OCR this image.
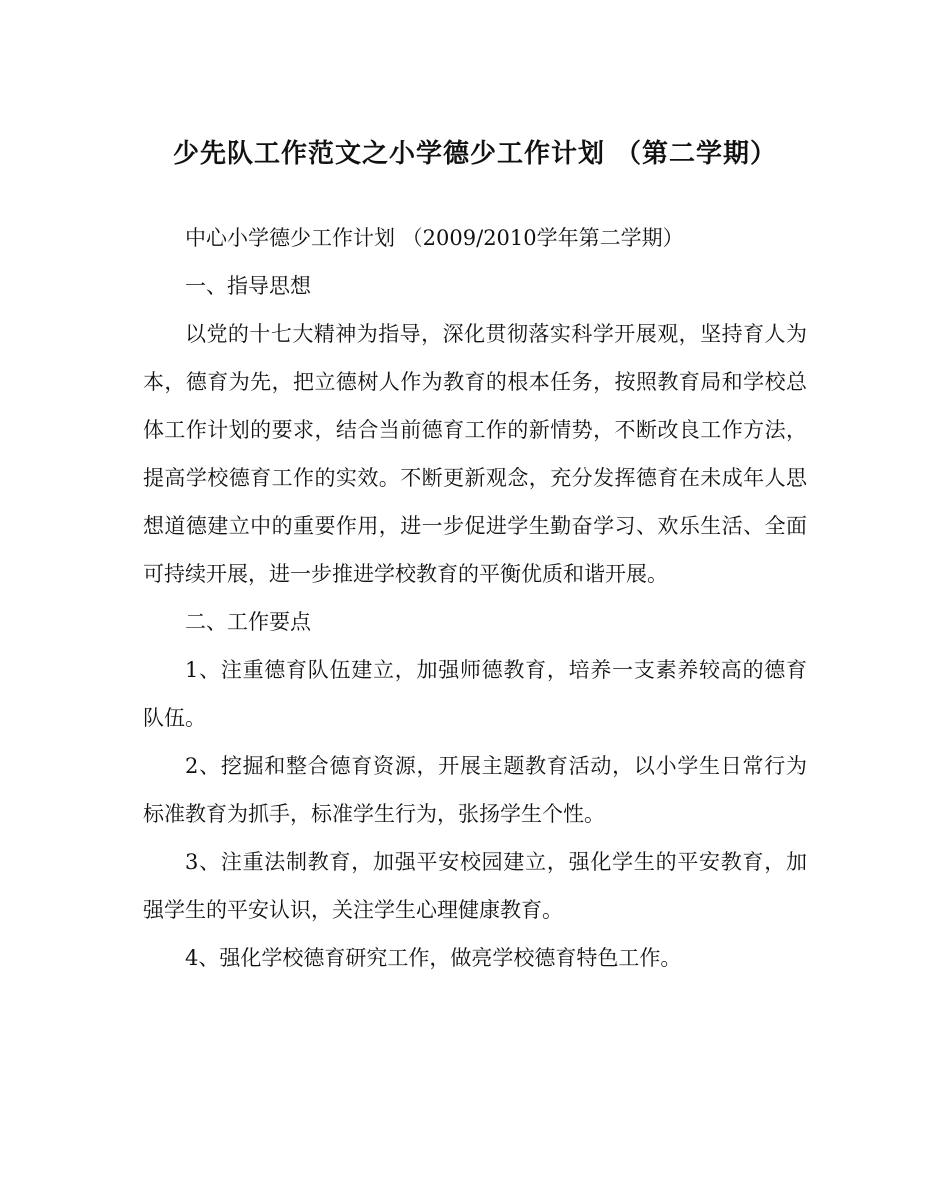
少先队工作范文之小学德少工作计划 （第二学期）

中心小学德少工作计划 （2009/2010学年第二学期）

一、指导思想

以党的十七大精神为指导，深化贯彻落实科学开展观，坚持育人为本，德育为先，把立德树人作为教育的根本任务，按照教育局和学校总体工作计划的要求，结合当前德育工作的新情势，不断改良工作方法，提高学校德育工作的实效。不断更新观念，充分发挥德育在未成年人思想道德建立中的重要作用，进一步促进学生勤奋学习、欢乐生活、全面可持续开展，进一步推进学校教育的平衡优质和谐开展。

二、工作要点

1、注重德育队伍建立，加强师德教育，培养一支素养较高的德育队伍。

2、挖掘和整合德育资源，开展主题教育活动，以小学生日常行为标准教育为抓手，标准学生行为，张扬学生个性。

3、注重法制教育，加强平安校园建立，强化学生的平安教育，加强学生的平安认识，关注学生心理健康教育。

4、强化学校德育研究工作，做亮学校德育特色工作。
